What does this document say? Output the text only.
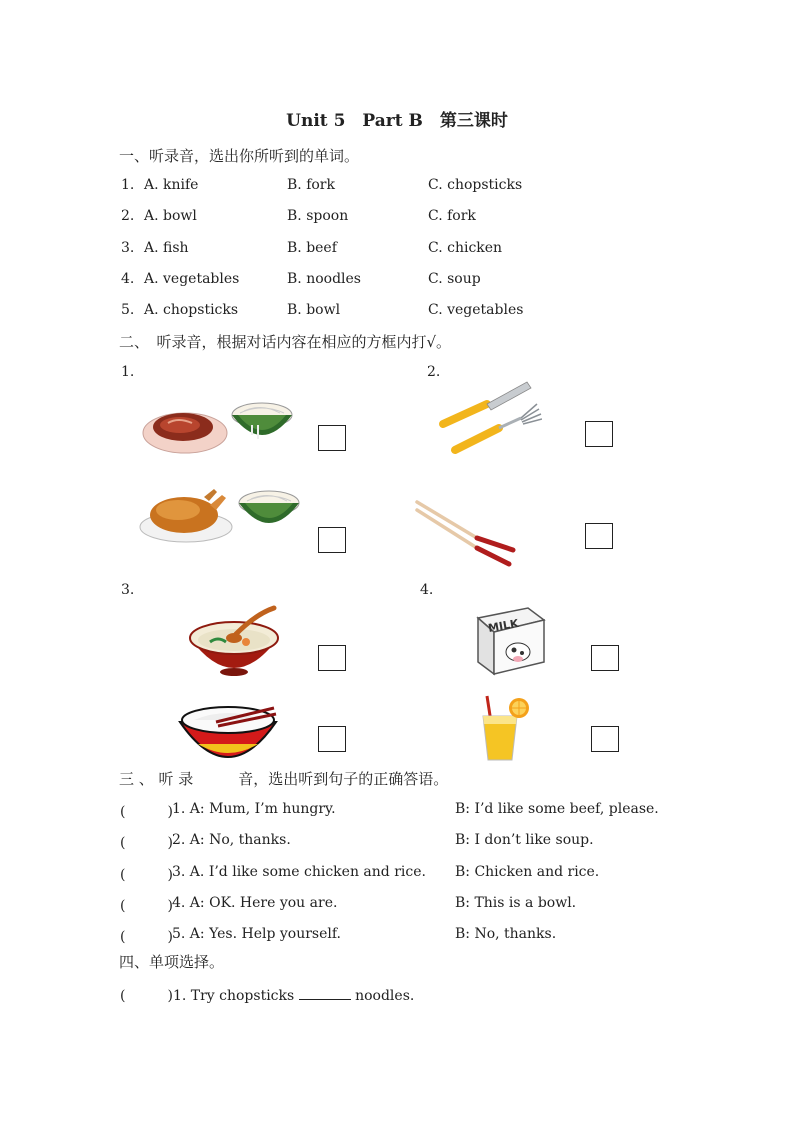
Unit 5　Part B　第三课时
一、听录音，选出你所听到的单词。
1. A. knife	B. fork	C. chopsticks
2. A. bowl	B. spoon	C. fork
3. A. fish	B. beef	C. chicken
4. A. vegetables	B. noodles	C. soup
5. A. chopsticks	B. bowl	C. vegetables
二、　听录音，根据对话内容在相应的方框内打√。
1.	2.
3.	4.
MILK
三 、 听 录　　　音，选出听到句子的正确答语。
(　　　) 1. A: Mum, I’m hungry.	B: I’d like some beef, please.
(　　　) 2. A: No, thanks.	B: I don’t like soup.
(　　　) 3. A. I’d like some chicken and rice. B: Chicken and rice.
(　　　) 4. A: OK. Here you are.	B: This is a bowl.
(　　　) 5. A: Yes. Help yourself.	B: No, thanks.
四、单项选择。
(　　　)1. Try chopsticks	noodles.
